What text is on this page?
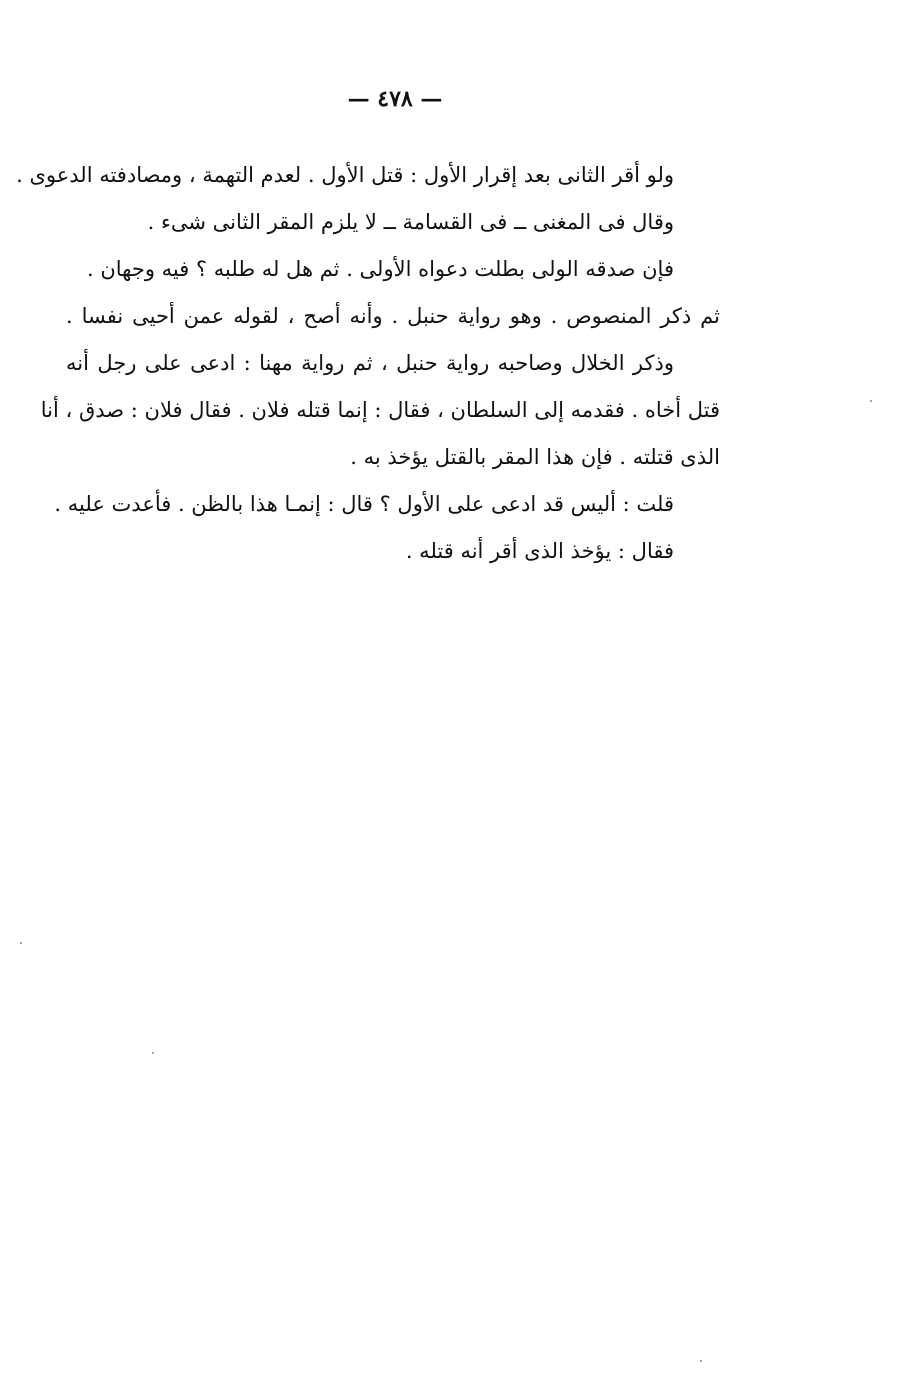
— ٤٧٨ —
ولو أقر الثانى بعد إقرار الأول : قتل الأول . لعدم التهمة ، ومصادفته الدعوى .
وقال فى المغنى ــ فى القسامة ــ لا يلزم المقر الثانى شىء .
فإن صدقه الولى بطلت دعواه الأولى . ثم هل له طلبه ؟ فيه وجهان .
ثم ذكر المنصوص . وهو رواية حنبل . وأنه أصح ، لقوله عمن أحيى نفسا .
وذكر الخلال وصاحبه رواية حنبل ، ثم رواية مهنا : ادعى على رجل أنه
قتل أخاه . فقدمه إلى السلطان ، فقال : إنما قتله فلان . فقال فلان : صدق ، أنا
الذى قتلته . فإن هذا المقر بالقتل يؤخذ به .
قلت : أليس قد ادعى على الأول ؟ قال : إنمـا هذا بالظن . فأعدت عليه .
فقال : يؤخذ الذى أقر أنه قتله .
